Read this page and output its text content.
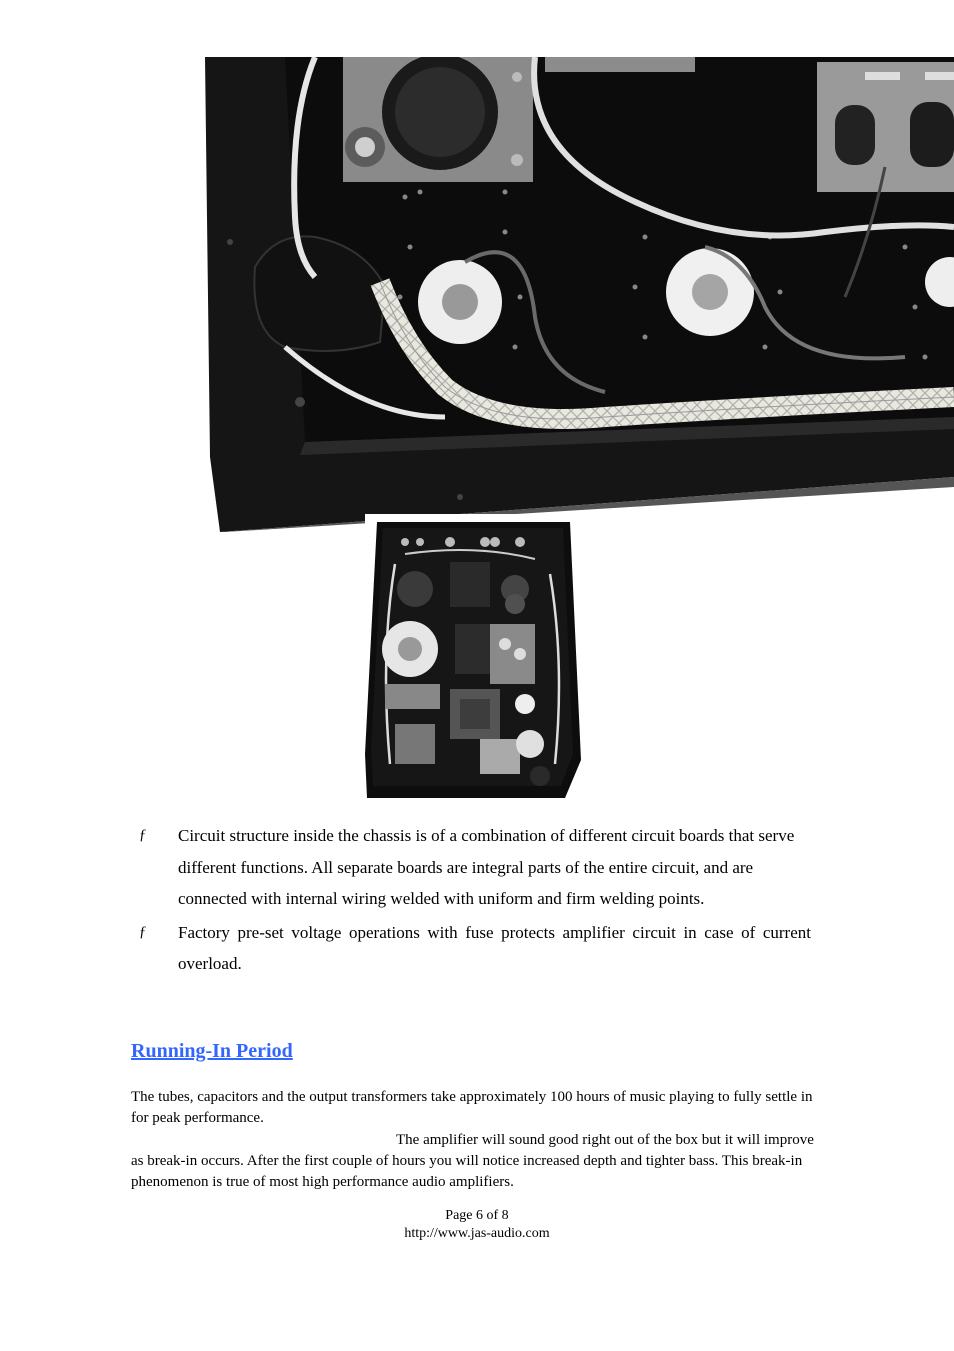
ƒ Circuit structure inside the chassis is of a combination of different circuit boards that serve different functions. All separate boards are integral parts of the entire circuit, and are connected with internal wiring welded with uniform and firm welding points.
ƒ Factory pre-set voltage operations with fuse protects amplifier circuit in case of current overload.
Running-In Period
The tubes, capacitors and the output transformers take approximately 100 hours of music playing to fully settle in for peak performance.
The amplifier will sound good right out of the box but it will improve as break-in occurs. After the first couple of hours you will notice increased depth and tighter bass. This break-in phenomenon is true of most high performance audio amplifiers.
Page 6 of 8
http://www.jas-audio.com
